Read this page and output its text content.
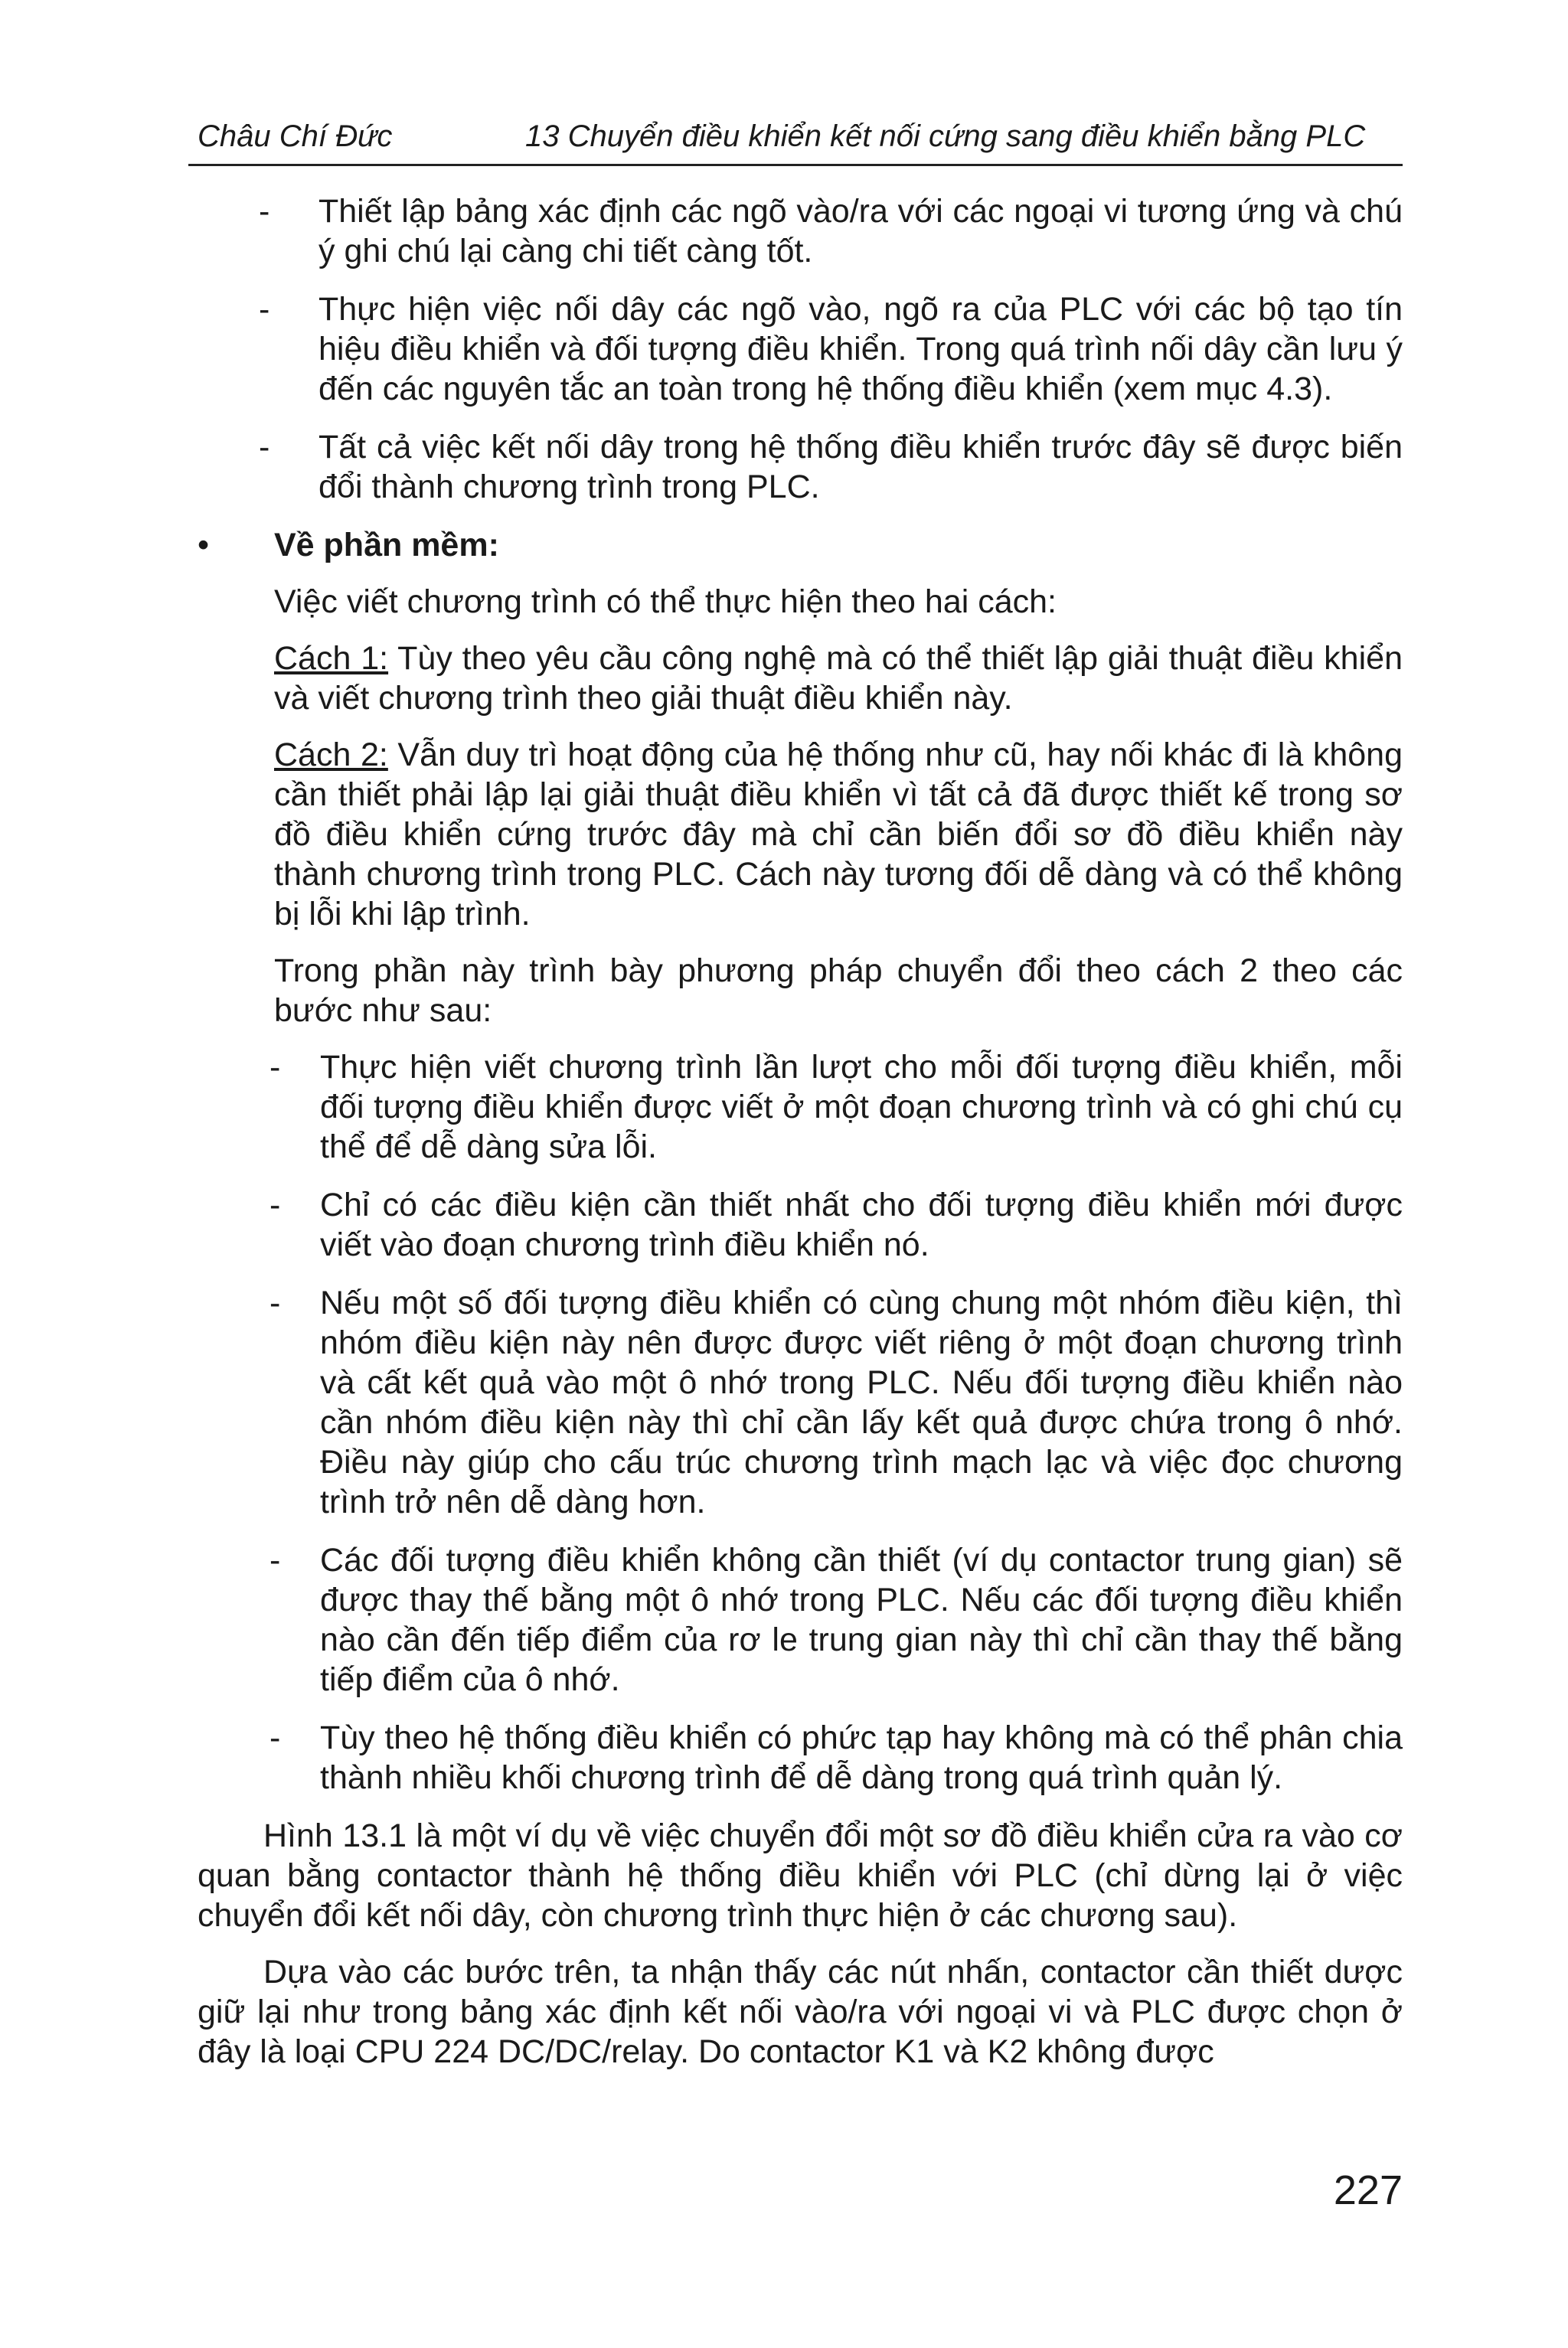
Châu Chí Đức	13 Chuyển điều khiển kết nối cứng sang điều khiển bằng PLC

- Thiết lập bảng xác định các ngõ vào/ra với các ngoại vi tương ứng và chú ý ghi chú lại càng chi tiết càng tốt.

- Thực hiện việc nối dây các ngõ vào, ngõ ra của PLC với các bộ tạo tín hiệu điều khiển và đối tượng điều khiển. Trong quá trình nối dây cần lưu ý đến các nguyên tắc an toàn trong hệ thống điều khiển (xem mục 4.3).

- Tất cả việc kết nối dây trong hệ thống điều khiển trước đây sẽ được biến đổi thành chương trình trong PLC.

• Về phần mềm:

Việc viết chương trình có thể thực hiện theo hai cách:

Cách 1: Tùy theo yêu cầu công nghệ mà có thể thiết lập giải thuật điều khiển và viết chương trình theo giải thuật điều khiển này.

Cách 2: Vẫn duy trì hoạt động của hệ thống như cũ, hay nối khác đi là không cần thiết phải lập lại giải thuật điều khiển vì tất cả đã được thiết kế trong sơ đồ điều khiển cứng trước đây mà chỉ cần biến đổi sơ đồ điều khiển này thành chương trình trong PLC. Cách này tương đối dễ dàng và có thể không bị lỗi khi lập trình.

Trong phần này trình bày phương pháp chuyển đổi theo cách 2 theo các bước như sau:

- Thực hiện viết chương trình lần lượt cho mỗi đối tượng điều khiển, mỗi đối tượng điều khiển được viết ở một đoạn chương trình và có ghi chú cụ thể để dễ dàng sửa lỗi.

- Chỉ có các điều kiện cần thiết nhất cho đối tượng điều khiển mới được viết vào đoạn chương trình điều khiển nó.

- Nếu một số đối tượng điều khiển có cùng chung một nhóm điều kiện, thì nhóm điều kiện này nên được được viết riêng ở một đoạn chương trình và cất kết quả vào một ô nhớ trong PLC. Nếu đối tượng điều khiển nào cần nhóm điều kiện này thì chỉ cần lấy kết quả được chứa trong ô nhớ. Điều này giúp cho cấu trúc chương trình mạch lạc và việc đọc chương trình trở nên dễ dàng hơn.

- Các đối tượng điều khiển không cần thiết (ví dụ contactor trung gian) sẽ được thay thế bằng một ô nhớ trong PLC. Nếu các đối tượng điều khiển nào cần đến tiếp điểm của rơ le trung gian này thì chỉ cần thay thế bằng tiếp điểm của ô nhớ.

- Tùy theo hệ thống điều khiển có phức tạp hay không mà có thể phân chia thành nhiều khối chương trình để dễ dàng trong quá trình quản lý.

Hình 13.1 là một ví dụ về việc chuyển đổi một sơ đồ điều khiển cửa ra vào cơ quan bằng contactor thành hệ thống điều khiển với PLC (chỉ dừng lại ở việc chuyển đổi kết nối dây, còn chương trình thực hiện ở các chương sau).

Dựa vào các bước trên, ta nhận thấy các nút nhấn, contactor cần thiết dược giữ lại như trong bảng xác định kết nối vào/ra với ngoại vi và PLC được chọn ở đây là loại CPU 224 DC/DC/relay. Do contactor K1 và K2 không được

227
